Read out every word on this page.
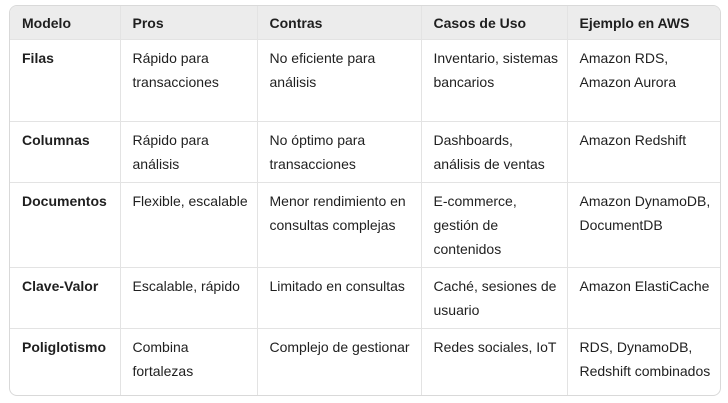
Modelo	Pros	Contras	Casos de Uso	Ejemplo en AWS
Filas	Rápido para transacciones	No eficiente para análisis	Inventario, sistemas bancarios	Amazon RDS, Amazon Aurora
Columnas	Rápido para análisis	No óptimo para transacciones	Dashboards, análisis de ventas	Amazon Redshift
Documentos	Flexible, escalable	Menor rendimiento en consultas complejas	E-commerce, gestión de contenidos	Amazon DynamoDB, DocumentDB
Clave-Valor	Escalable, rápido	Limitado en consultas	Caché, sesiones de usuario	Amazon ElastiCache
Poliglotismo	Combina fortalezas	Complejo de gestionar	Redes sociales, IoT	RDS, DynamoDB, Redshift combinados
